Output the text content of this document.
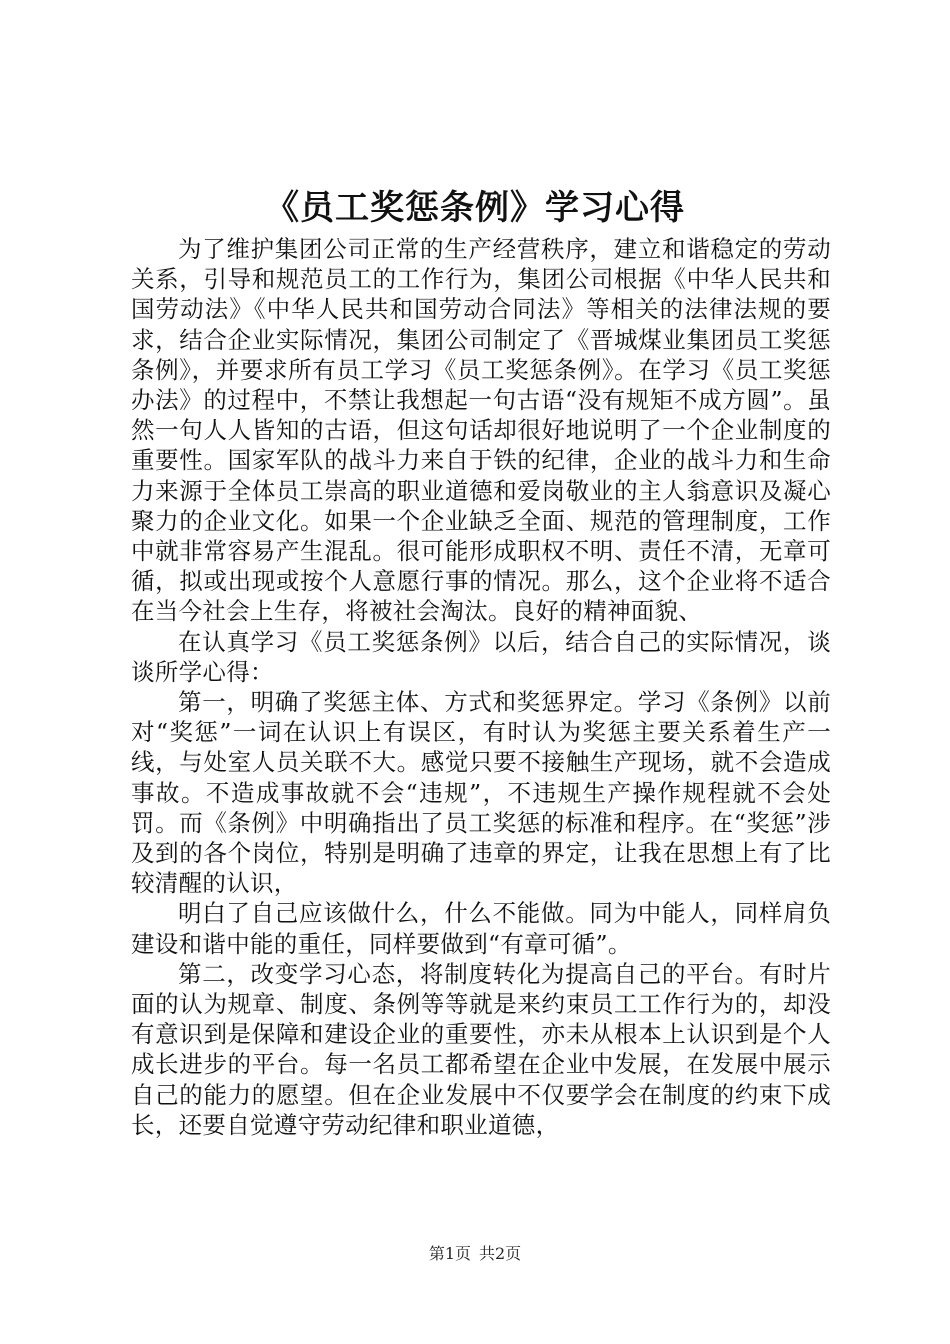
《员工奖惩条例》学习心得

为了维护集团公司正常的生产经营秩序，建立和谐稳定的劳动关系，引导和规范员工的工作行为，集团公司根据《中华人民共和国劳动法》《中华人民共和国劳动合同法》等相关的法律法规的要求，结合企业实际情况，集团公司制定了《晋城煤业集团员工奖惩条例》，并要求所有员工学习《员工奖惩条例》。在学习《员工奖惩办法》的过程中，不禁让我想起一句古语“没有规矩不成方圆”。虽然一句人人皆知的古语，但这句话却很好地说明了一个企业制度的重要性。国家军队的战斗力来自于铁的纪律，企业的战斗力和生命力来源于全体员工崇高的职业道德和爱岗敬业的主人翁意识及凝心聚力的企业文化。如果一个企业缺乏全面、规范的管理制度，工作中就非常容易产生混乱。很可能形成职权不明、责任不清，无章可循，拟或出现或按个人意愿行事的情况。那么，这个企业将不适合在当今社会上生存，将被社会淘汰。良好的精神面貌、

在认真学习《员工奖惩条例》以后，结合自己的实际情况，谈谈所学心得：

第一，明确了奖惩主体、方式和奖惩界定。学习《条例》以前对“奖惩”一词在认识上有误区，有时认为奖惩主要关系着生产一线，与处室人员关联不大。感觉只要不接触生产现场，就不会造成事故。不造成事故就不会“违规”，不违规生产操作规程就不会处罚。而《条例》中明确指出了员工奖惩的标准和程序。在“奖惩”涉及到的各个岗位，特别是明确了违章的界定，让我在思想上有了比较清醒的认识，

明白了自己应该做什么，什么不能做。同为中能人，同样肩负建设和谐中能的重任，同样要做到“有章可循”。

第二，改变学习心态，将制度转化为提高自己的平台。有时片面的认为规章、制度、条例等等就是来约束员工工作行为的，却没有意识到是保障和建设企业的重要性，亦未从根本上认识到是个人成长进步的平台。每一名员工都希望在企业中发展，在发展中展示自己的能力的愿望。但在企业发展中不仅要学会在制度的约束下成长，还要自觉遵守劳动纪律和职业道德，

第1页 共2页
